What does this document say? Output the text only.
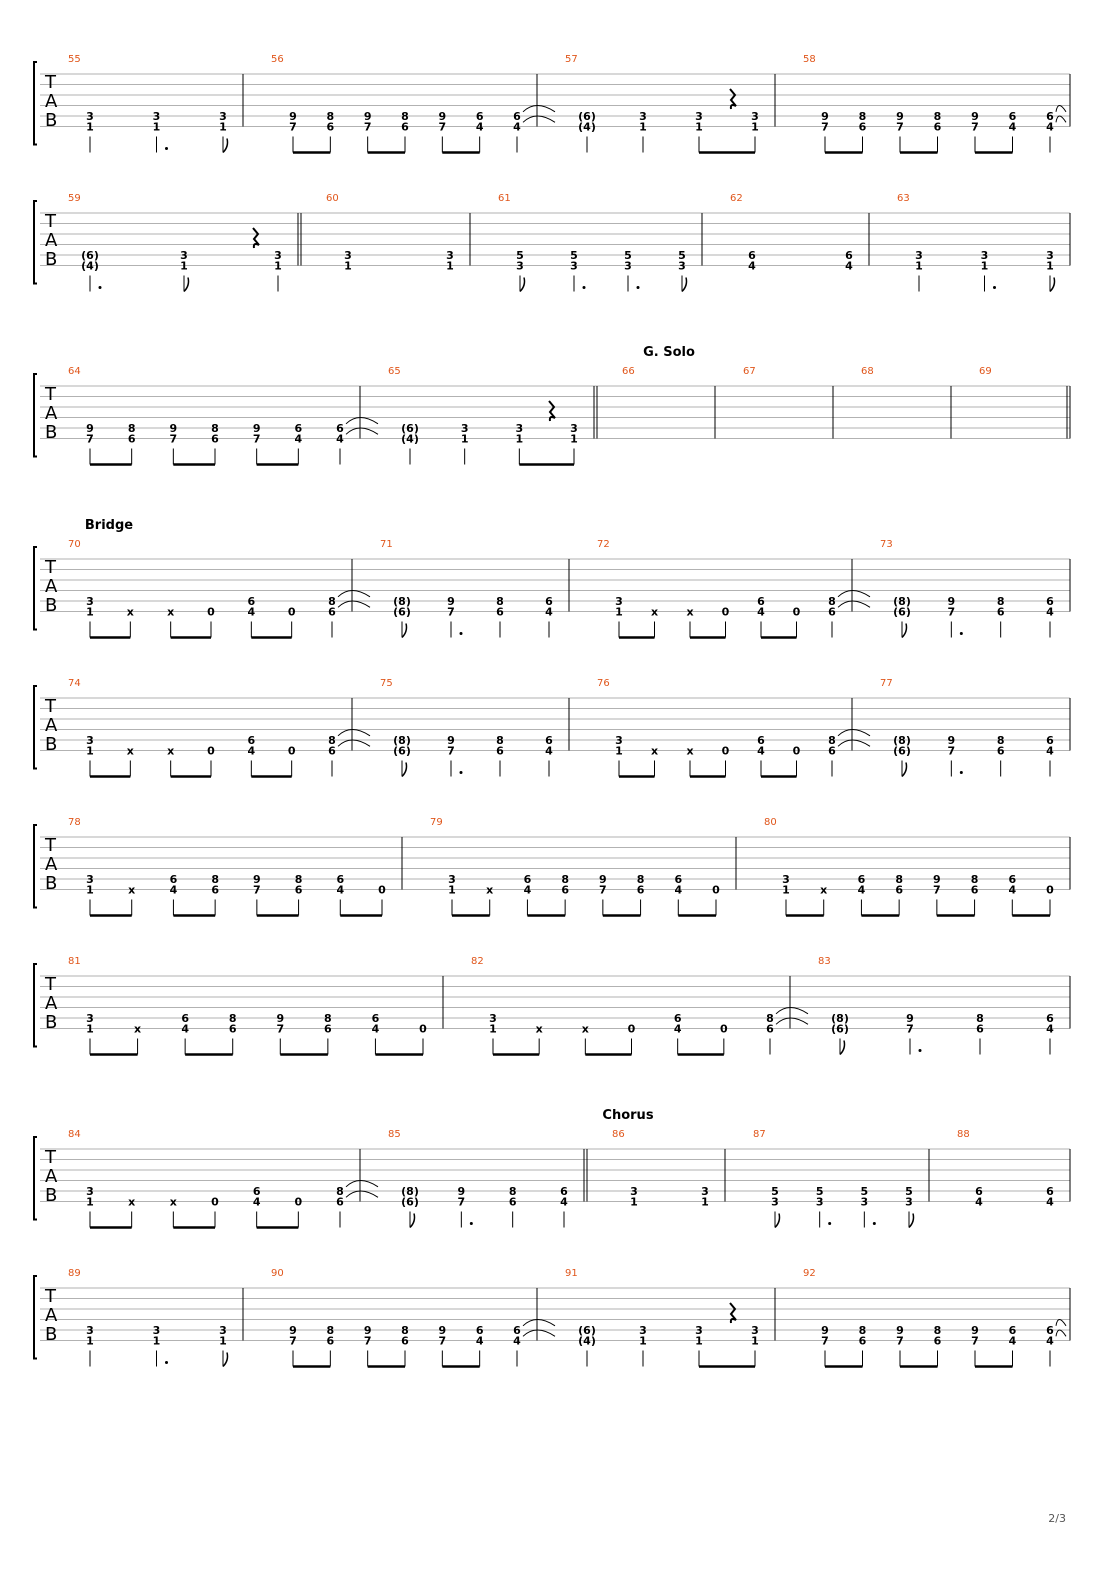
T
A
B
55
3
1
3
1
3
1
56
9
7
8
6
9
7
8
6
9
7
6
4
6
4
57
(6)
(4)
3
1
3
1
3
1
58
9
7
8
6
9
7
8
6
9
7
6
4
6
4
T
A
B
59
(6)
(4)
3
1
3
1
60
3
1
3
1
61
5
3
5
3
5
3
5
3
62
6
4
6
4
63
3
1
3
1
3
1
T
A
B
G. Solo
64
9
7
8
6
9
7
8
6
9
7
6
4
6
4
65
(6)
(4)
3
1
3
1
3
1
66	67	68	69
T
A
B
Bridge
70
3
1	x	x	0
6
4	0
8
6
71
(8)
(6)
9
7
8
6
6
4
72
3
1	x	x	0
6
4	0
8
6
73
(8)
(6)
9
7
8
6
6
4
T
A
B
74
3
1	x	x	0
6
4	0
8
6
75
(8)
(6)
9
7
8
6
6
4
76
3
1	x	x	0
6
4	0
8
6
77
(8)
(6)
9
7
8
6
6
4
T
A
B
78
3
1	x
6
4
8
6
9
7
8
6
6
4	0
79
3
1	x
6
4
8
6
9
7
8
6
6
4	0
80
3
1	x
6
4
8
6
9
7
8
6
6
4	0
T
A
B
81
3
1	x
6
4
8
6
9
7
8
6
6
4	0
82
3
1	x	x	0
6
4	0
8
6
83
(8)
(6)
9
7
8
6
6
4
T
A
B
Chorus
84
3
1	x	x	0
6
4	0
8
6
85
(8)
(6)
9
7
8
6
6
4
86
3
1
3
1
87
5
3
5
3
5
3
5
3
88
6
4
6
4
T
A
B
89
3
1
3
1
3
1
90
9
7
8
6
9
7
8
6
9
7
6
4
6
4
91
(6)
(4)
3
1
3
1
3
1
92
9
7
8
6
9
7
8
6
9
7
6
4
6
4
2/3
